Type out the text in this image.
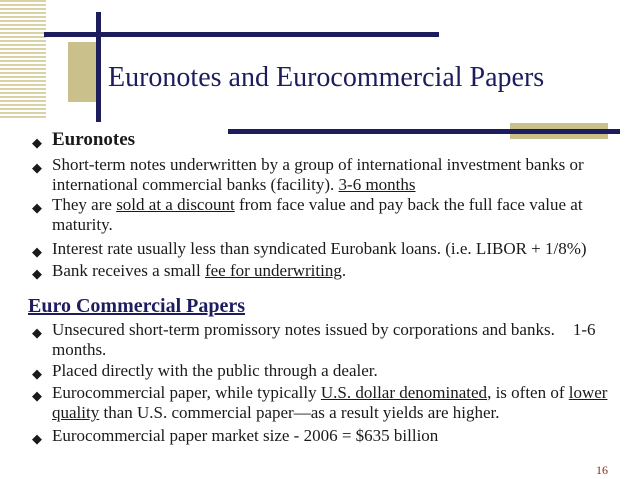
Euronotes and Eurocommercial Papers

◆ Euronotes

◆ Short-term notes underwritten by a group of international investment banks or international commercial banks (facility). 3-6 months

◆ They are sold at a discount from face value and pay back the full face value at maturity.

◆ Interest rate usually less than syndicated Eurobank loans. (i.e. LIBOR + 1/8%)

◆ Bank receives a small fee for underwriting.

Euro Commercial Papers

◆ Unsecured short-term promissory notes issued by corporations and banks. 1-6 months.

◆ Placed directly with the public through a dealer.

◆ Eurocommercial paper, while typically U.S. dollar denominated, is often of lower quality than U.S. commercial paper—as a result yields are higher.

◆ Eurocommercial paper market size - 2006 = $635 billion

16
